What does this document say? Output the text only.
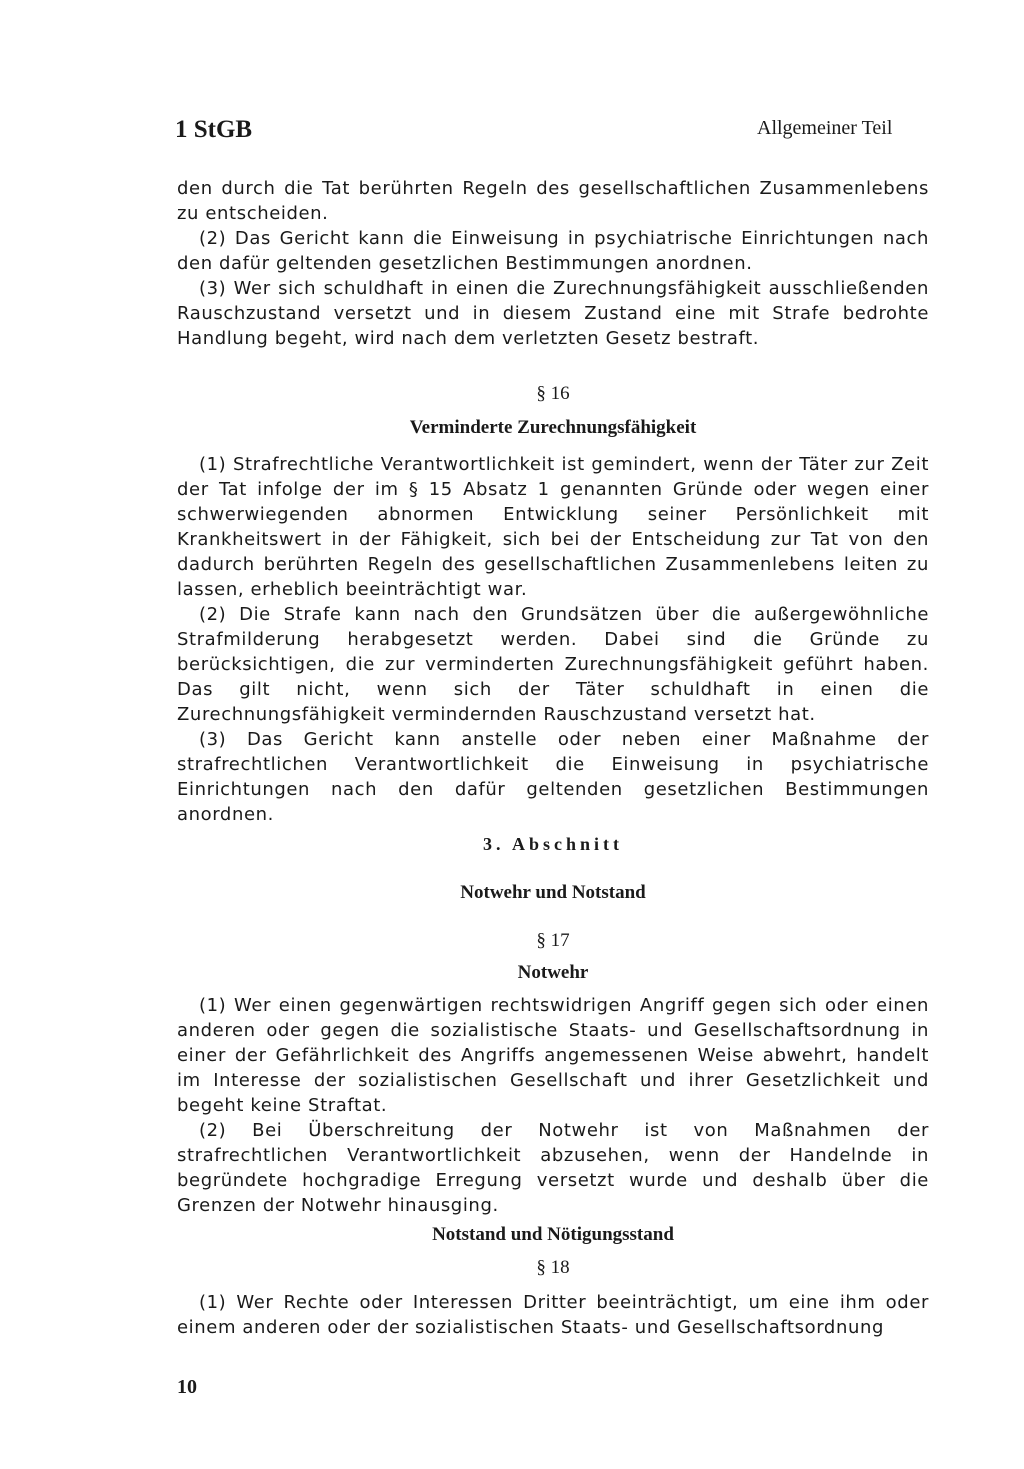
1 StGB	Allgemeiner Teil

den durch die Tat berührten Regeln des gesellschaftlichen Zusammenlebens zu entscheiden.

(2) Das Gericht kann die Einweisung in psychiatrische Einrichtungen nach den dafür geltenden gesetzlichen Bestimmungen anordnen.

(3) Wer sich schuldhaft in einen die Zurechnungsfähigkeit ausschließenden Rauschzustand versetzt und in diesem Zustand eine mit Strafe bedrohte Handlung begeht, wird nach dem verletzten Gesetz bestraft.

§ 16
Verminderte Zurechnungsfähigkeit

(1) Strafrechtliche Verantwortlichkeit ist gemindert, wenn der Täter zur Zeit der Tat infolge der im § 15 Absatz 1 genannten Gründe oder wegen einer schwerwiegenden abnormen Entwicklung seiner Persönlichkeit mit Krankheitswert in der Fähigkeit, sich bei der Entscheidung zur Tat von den dadurch berührten Regeln des gesellschaftlichen Zusammenlebens leiten zu lassen, erheblich beeinträchtigt war.

(2) Die Strafe kann nach den Grundsätzen über die außergewöhnliche Strafmilderung herabgesetzt werden. Dabei sind die Gründe zu berücksichtigen, die zur verminderten Zurechnungsfähigkeit geführt haben. Das gilt nicht, wenn sich der Täter schuldhaft in einen die Zurechnungsfähigkeit vermindernden Rauschzustand versetzt hat.

(3) Das Gericht kann anstelle oder neben einer Maßnahme der strafrechtlichen Verantwortlichkeit die Einweisung in psychiatrische Einrichtungen nach den dafür geltenden gesetzlichen Bestimmungen anordnen.

3. Abschnitt
Notwehr und Notstand
§ 17
Notwehr

(1) Wer einen gegenwärtigen rechtswidrigen Angriff gegen sich oder einen anderen oder gegen die sozialistische Staats- und Gesellschaftsordnung in einer der Gefährlichkeit des Angriffs angemessenen Weise abwehrt, handelt im Interesse der sozialistischen Gesellschaft und ihrer Gesetzlichkeit und begeht keine Straftat.

(2) Bei Überschreitung der Notwehr ist von Maßnahmen der strafrechtlichen Verantwortlichkeit abzusehen, wenn der Handelnde in begründete hochgradige Erregung versetzt wurde und deshalb über die Grenzen der Notwehr hinausging.

Notstand und Nötigungsstand
§ 18

(1) Wer Rechte oder Interessen Dritter beeinträchtigt, um eine ihm oder einem anderen oder der sozialistischen Staats- und Gesellschaftsordnung

10
